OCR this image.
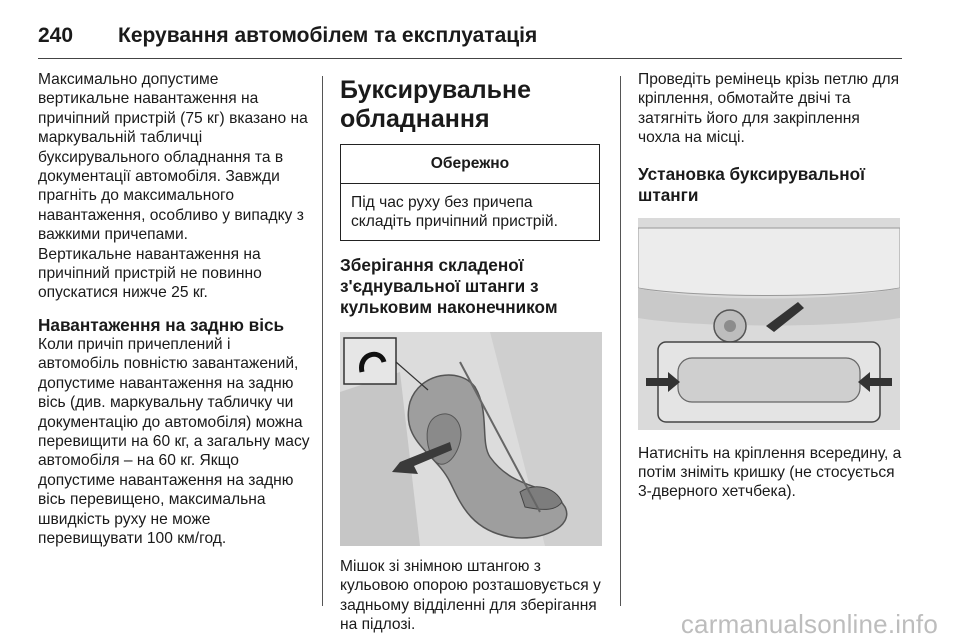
240	Керування автомобілем та експлуатація

Максимально допустиме вертикальне навантаження на причіпний пристрій (75 кг) вказано на маркувальній табличці буксирувального обладнання та в документації автомобіля. Завжди прагніть до максимального навантаження, особливо у випадку з важкими причепами.

Вертикальне навантаження на причіпний пристрій не повинно опускатися нижче 25 кг.

Навантаження на задню вісь

Коли причіп причеплений і автомобіль повністю завантажений, допустиме навантаження на задню вісь (див. маркувальну табличку чи документацію до автомобіля) можна перевищити на 60 кг, а загальну масу автомобіля – на 60 кг. Якщо допустиме навантаження на задню вісь перевищено, максимальна швидкість руху не може перевищувати 100 км/год.

Буксирувальне обладнання
Обережно
Під час руху без причепа складіть причіпний пристрій.
Зберігання складеної з'єднувальної штанги з кульковим наконечником

Мішок зі знімною штангою з кульовою опорою розташовується у задньому відділенні для зберігання на підлозі.

Проведіть ремінець крізь петлю для кріплення, обмотайте двічі та затягніть його для закріплення чохла на місці.

Установка буксирувальної штанги

Натисніть на кріплення всередину, а потім зніміть кришку (не стосується 3-дверного хетчбека).

carmanualsonline.info
